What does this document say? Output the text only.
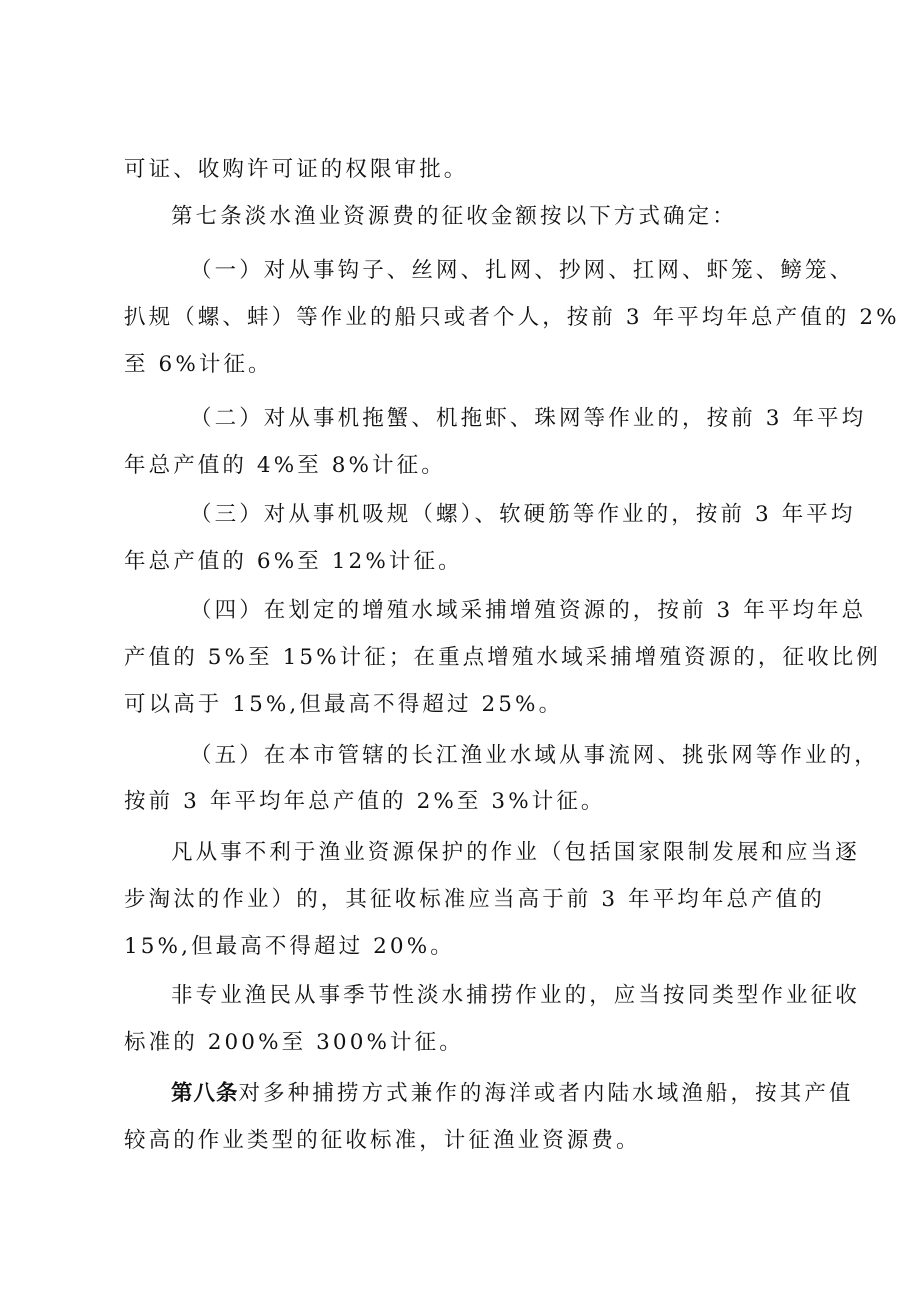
可证、收购许可证的权限审批。
第七条淡水渔业资源费的征收金额按以下方式确定：
（一）对从事钩子、丝网、扎网、抄网、扛网、虾笼、鳑笼、
扒规（螺、蚌）等作业的船只或者个人，按前 3 年平均年总产值的 2%
至 6%计征。
（二）对从事机拖蟹、机拖虾、珠网等作业的，按前 3 年平均
年总产值的 4%至 8%计征。
（三）对从事机吸规（螺）、软硬筋等作业的，按前 3 年平均
年总产值的 6%至 12%计征。
（四）在划定的增殖水域采捕增殖资源的，按前 3 年平均年总
产值的 5%至 15%计征；在重点增殖水域采捕增殖资源的，征收比例
可以高于 15%,但最高不得超过 25%。
（五）在本市管辖的长江渔业水域从事流网、挑张网等作业的，
按前 3 年平均年总产值的 2%至 3%计征。
凡从事不利于渔业资源保护的作业（包括国家限制发展和应当逐
步淘汰的作业）的，其征收标准应当高于前 3 年平均年总产值的
15%,但最高不得超过 20%。
非专业渔民从事季节性淡水捕捞作业的，应当按同类型作业征收
标准的 200%至 300%计征。
第八条对多种捕捞方式兼作的海洋或者内陆水域渔船，按其产值
较高的作业类型的征收标准，计征渔业资源费。
